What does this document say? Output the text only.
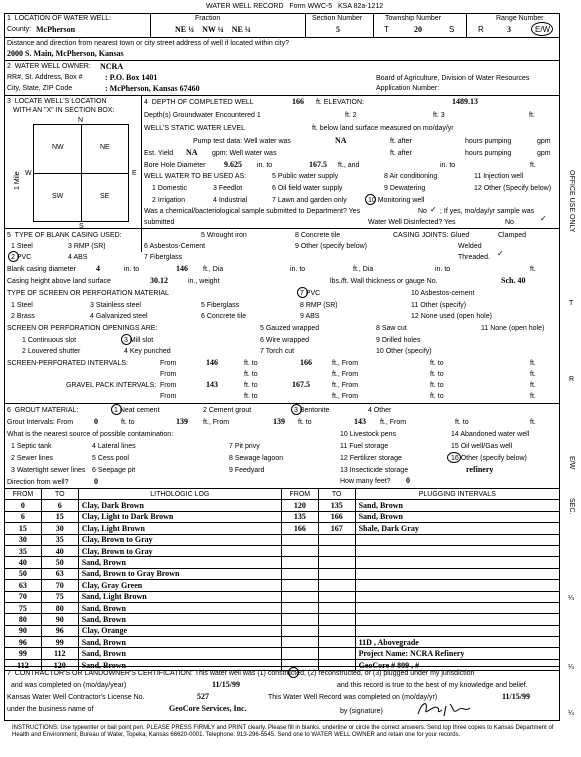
WATER WELL RECORD Form WWC-5 KSA 82a-1212
1 LOCATION OF WATER WELL:
County: McPherson
Fraction
NE ¼ NW ¼ NE ¼
Section Number
5
Township Number
T	20	S
Range Number
R	3	E/W
Distance and direction from nearest town or city street address of well if located within city?
2000 S. Main, McPherson, Kansas
2 WATER WELL OWNER: NCRA
RR#, St. Address, Box #	: P.O. Box 1401
City, State, ZIP Code	: McPherson, Kansas 67460
Board of Agriculture, Division of Water Resources
Application Number:
3 LOCATE WELL'S LOCATION
WITH AN "X" IN SECTION BOX:
N
S
W	E
NW	NE
SW	SE
1 Mile
4 DEPTH OF COMPLETED WELL	166 ft. ELEVATION:	1489.13
Depth(s) Groundwater Encountered 1	ft. 2	ft. 3	ft.
WELL'S STATIC WATER LEVEL	ft. below land surface measured on mo/day/yr
Pump test data: Well water was	NA	ft. after	hours pumping	gpm
Est. Yield NA gpm: Well water was	ft. after	hours pumping	gpm
Bore Hole Diameter 9.625 in. to	167.5 ft., and	in. to	ft.
WELL WATER TO BE USED AS:	5 Public water supply	8 Air conditioning	11 Injection well
1 Domestic	3 Feedlot	6 Oil field water supply	9 Dewatering	12 Other (Specify below)
2 Irrigation	4 Industrial	7 Lawn and garden only	10 Monitoring well
Was a chemical/bacteriological sample submitted to Department? Yes	No ; If yes, mo/day/yr sample was
submitted	Water Well Disinfected? Yes	No
✓
✓
5 TYPE OF BLANK CASING USED:	5 Wrought iron	8 Concrete tile	CASING JOINTS: Glued	Clamped
1 Steel	3 RMP (SR)	6 Asbestos-Cement	9 Other (specify below)	Welded
2 PVC	4 ABS	7 Fiberglass	Threaded. ✓
Blank casing diameter	4	in. to	146 ft., Dia	in. to	ft., Dia	in. to	ft.
Casing height above land surface	30.12	in., weight	lbs./ft. Wall thickness or gauge No.	Sch. 40
TYPE OF SCREEN OR PERFORATION MATERIAL	7 PVC	10 Asbestos-cement
1 Steel	3 Stainless steel	5 Fiberglass	8 RMP (SR)	11 Other (specify)
2 Brass	4 Galvanized steel	6 Concrete tile	9 ABS	12 None used (open hole)
SCREEN OR PERFORATION OPENINGS ARE:	5 Gauzed wrapped	8 Saw cut	11 None (open hole)
1 Continuous slot	3 Mill slot	6 Wire wrapped	9 Drilled holes
2 Louvered shutter	4 Key punched	7 Torch cut	10 Other (specify)
SCREEN-PERFORATED INTERVALS:	From	146	ft. to	166	ft., From	ft. to	ft.
From	ft. to	ft., From	ft. to	ft.
GRAVEL PACK INTERVALS: From	143	ft. to	167.5	ft., From	ft. to	ft.
From	ft. to	ft., From	ft. to	ft.
6 GROUT MATERIAL:	1 Neat cement	2 Cement grout	3 Bentonite	4 Other
Grout Intervals: From	0	ft. to	139 ft., From	139 ft. to	143 ft., From	ft. to	ft.
What is the nearest source of possible contamination:	10 Livestock pens	14 Abandoned water well
1 Septic tank	4 Lateral lines	7 Pit privy	11 Fuel storage	15 Oil well/Gas well
2 Sewer lines	5 Cess pool	8 Sewage lagoon	12 Fertilizer storage	16 Other (specify below)
3 Watertight sewer lines 6 Seepage pit	9 Feedyard	13 Insecticide storage	refinery
How many feet? 0
Direction from well?	0
FROM	TO	LITHOLOGIC LOG	FROM	TO	PLUGGING INTERVALS
0	6	Clay, Dark Brown	120	135	Sand, Brown
6	15	Clay, Light to Dark Brown	135	166	Sand, Brown
15	30	Clay, Light Brown	166	167	Shale, Dark Gray
30	35	Clay, Brown to Gray			
35	40	Clay, Brown to Gray			
40	50	Sand, Brown			
50	63	Sand, Brown to Gray Brown			
63	70	Clay, Gray Green			
70	75	Sand, Light Brown			
75	80	Sand, Brown			
80	90	Sand, Brown			
90	96	Clay, Orange			
96	99	Sand, Brown			11D , Abovegrade
99	112	Sand, Brown			Project Name: NCRA Refinery
112	120	Sand, Brown			GeoCore # 809 , #
7 CONTRACTOR'S OR LANDOWNER'S CERTIFICATION: This water well was (1) constructed, (2) reconstructed, or (3) plugged under my jurisdiction
and was completed on (mo/day/year)	11/15/99	and this record is true to the best of my knowledge and belief.
Kansas Water Well Contractor's License No.	527	This Water Well Record was completed on (mo/day/yr)	11/15/99
under the business name of	GeoCore Services, Inc.	by (signature)
INSTRUCTIONS: Use typewriter or ball point pen. PLEASE PRESS FIRMLY and PRINT clearly. Please fill in blanks, underline or circle the correct answers. Send top three copies to Kansas Department of Health and Environment, Bureau of Water, Topeka, Kansas 66620-0001. Telephone: 913-296-5545. Send one to WATER WELL OWNER and retain one for your records.
OFFICE USE ONLY
T
R
E/W
SEC.
¼
¼
¼
